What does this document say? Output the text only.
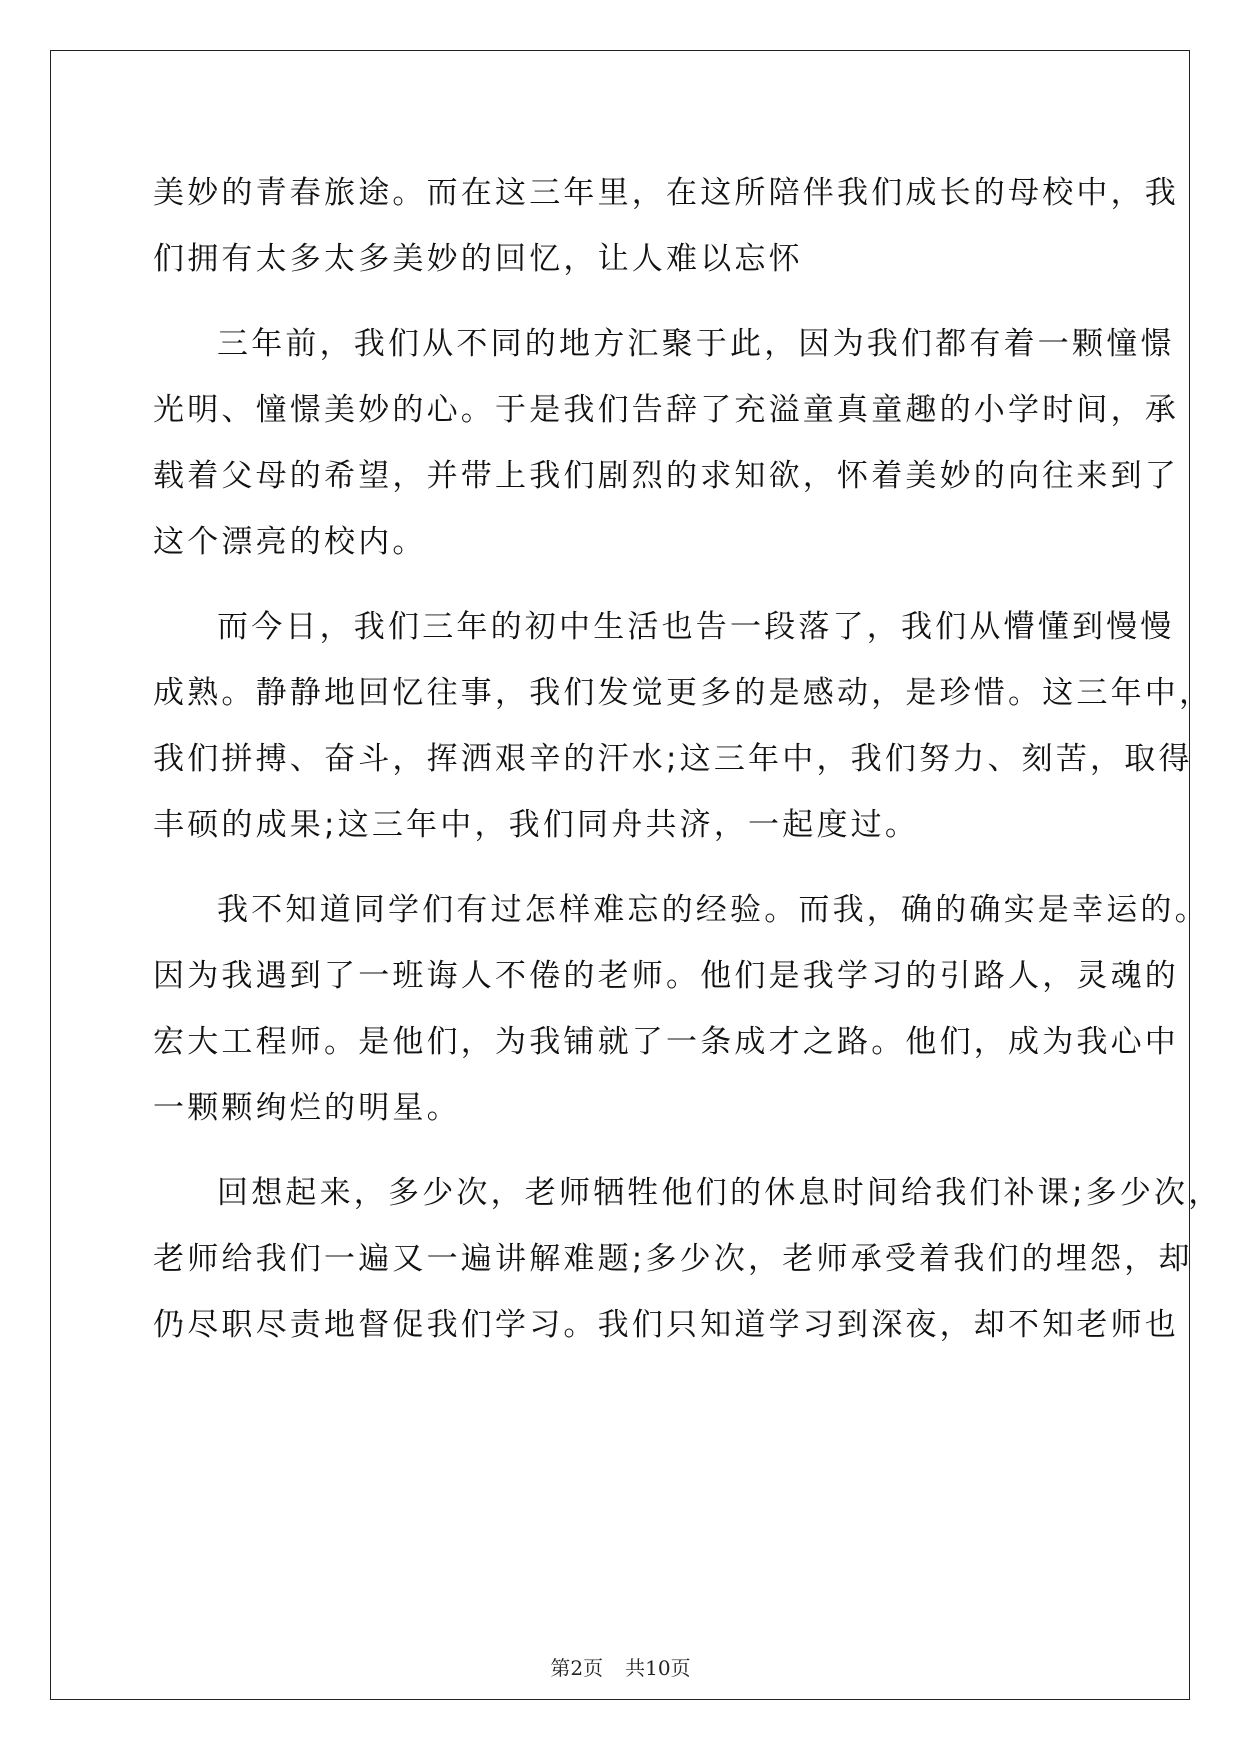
美妙的青春旅途。而在这三年里，在这所陪伴我们成长的母校中，我
们拥有太多太多美妙的回忆，让人难以忘怀
三年前，我们从不同的地方汇聚于此，因为我们都有着一颗憧憬
光明、憧憬美妙的心。于是我们告辞了充溢童真童趣的小学时间，承
载着父母的希望，并带上我们剧烈的求知欲，怀着美妙的向往来到了
这个漂亮的校内。
而今日，我们三年的初中生活也告一段落了，我们从懵懂到慢慢
成熟。静静地回忆往事，我们发觉更多的是感动，是珍惜。这三年中，
我们拼搏、奋斗，挥洒艰辛的汗水;这三年中，我们努力、刻苦，取得
丰硕的成果;这三年中，我们同舟共济，一起度过。
我不知道同学们有过怎样难忘的经验。而我，确的确实是幸运的。
因为我遇到了一班诲人不倦的老师。他们是我学习的引路人，灵魂的
宏大工程师。是他们，为我铺就了一条成才之路。他们，成为我心中
一颗颗绚烂的明星。
回想起来，多少次，老师牺牲他们的休息时间给我们补课;多少次，
老师给我们一遍又一遍讲解难题;多少次，老师承受着我们的埋怨，却
仍尽职尽责地督促我们学习。我们只知道学习到深夜，却不知老师也
第2页 共10页
